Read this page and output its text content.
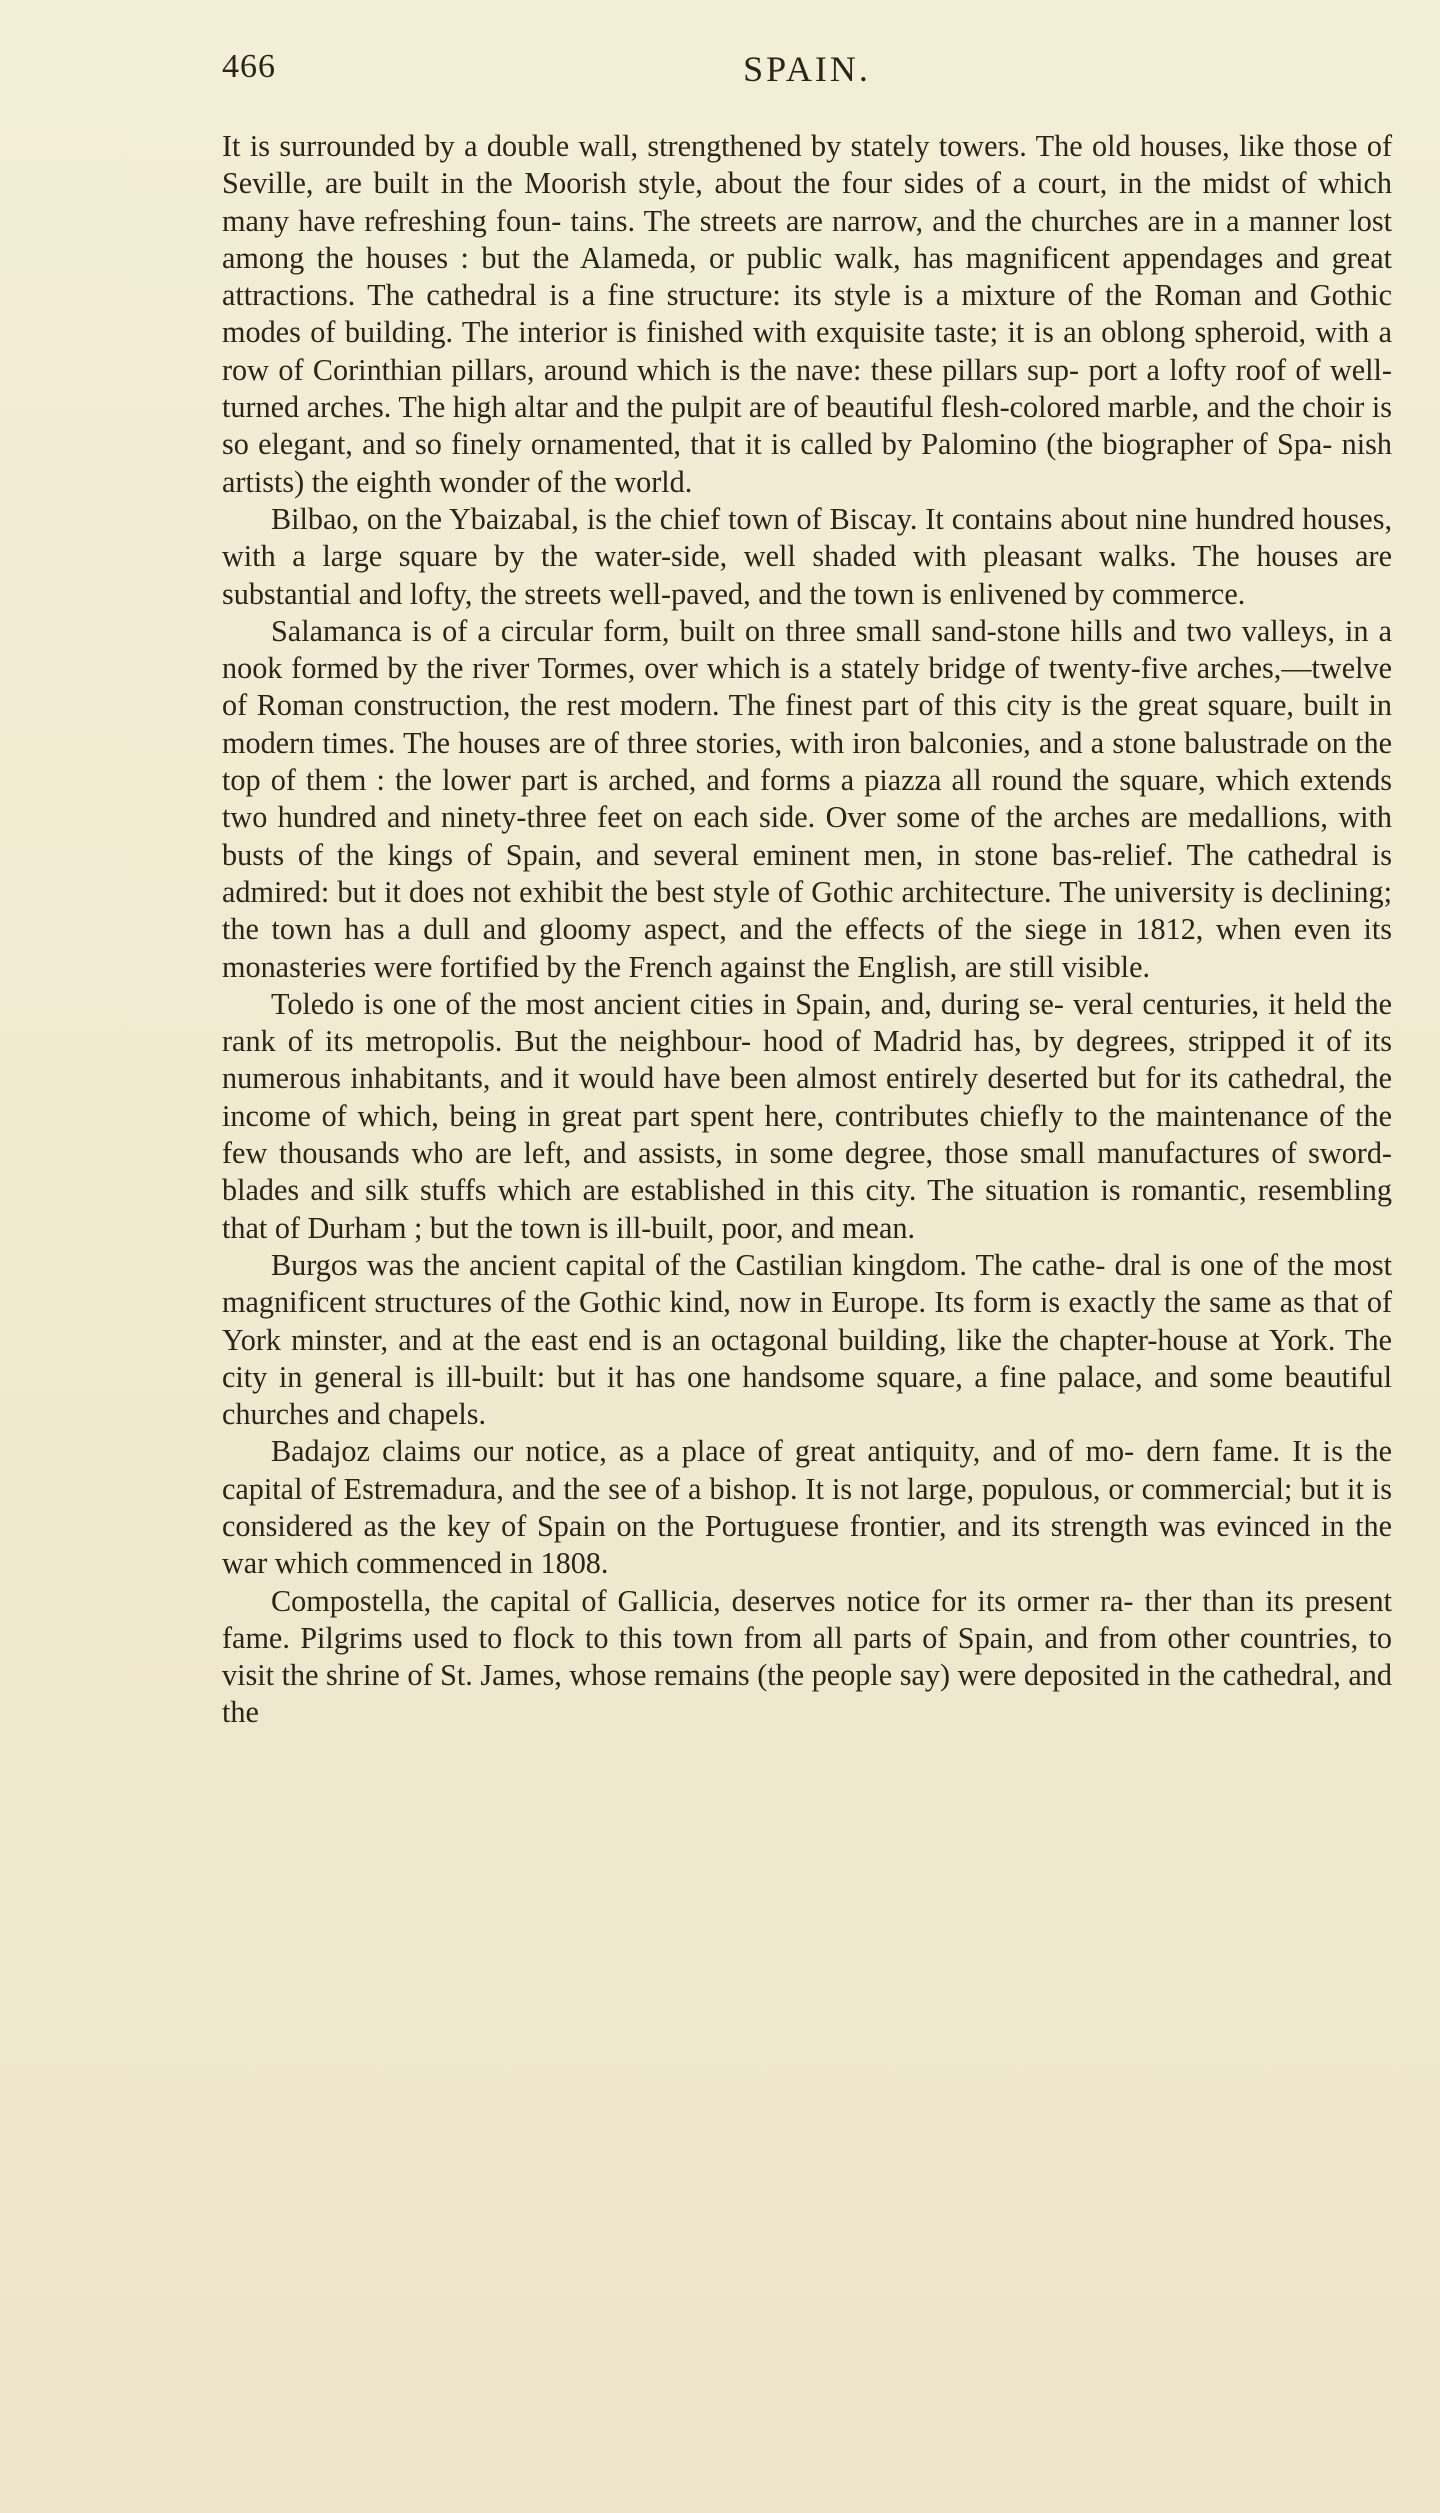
466	SPAIN.

It is surrounded by a double wall, strengthened by stately towers. The old houses, like those of Seville, are built in the Moorish style, about the four sides of a court, in the midst of which many have refreshing foun- tains. The streets are narrow, and the churches are in a manner lost among the houses : but the Alameda, or public walk, has magnificent appendages and great attractions. The cathedral is a fine structure: its style is a mixture of the Roman and Gothic modes of building. The interior is finished with exquisite taste; it is an oblong spheroid, with a row of Corinthian pillars, around which is the nave: these pillars sup- port a lofty roof of well-turned arches. The high altar and the pulpit are of beautiful flesh-colored marble, and the choir is so elegant, and so finely ornamented, that it is called by Palomino (the biographer of Spa- nish artists) the eighth wonder of the world.

Bilbao, on the Ybaizabal, is the chief town of Biscay. It contains about nine hundred houses, with a large square by the water-side, well shaded with pleasant walks. The houses are substantial and lofty, the streets well-paved, and the town is enlivened by commerce.

Salamanca is of a circular form, built on three small sand-stone hills and two valleys, in a nook formed by the river Tormes, over which is a stately bridge of twenty-five arches,—twelve of Roman construction, the rest modern. The finest part of this city is the great square, built in modern times. The houses are of three stories, with iron balconies, and a stone balustrade on the top of them : the lower part is arched, and forms a piazza all round the square, which extends two hundred and ninety-three feet on each side. Over some of the arches are medallions, with busts of the kings of Spain, and several eminent men, in stone bas-relief. The cathedral is admired: but it does not exhibit the best style of Gothic architecture. The university is declining; the town has a dull and gloomy aspect, and the effects of the siege in 1812, when even its monasteries were fortified by the French against the English, are still visible.

Toledo is one of the most ancient cities in Spain, and, during se- veral centuries, it held the rank of its metropolis. But the neighbour- hood of Madrid has, by degrees, stripped it of its numerous inhabitants, and it would have been almost entirely deserted but for its cathedral, the income of which, being in great part spent here, contributes chiefly to the maintenance of the few thousands who are left, and assists, in some degree, those small manufactures of sword-blades and silk stuffs which are established in this city. The situation is romantic, resembling that of Durham ; but the town is ill-built, poor, and mean.

Burgos was the ancient capital of the Castilian kingdom. The cathe- dral is one of the most magnificent structures of the Gothic kind, now in Europe. Its form is exactly the same as that of York minster, and at the east end is an octagonal building, like the chapter-house at York. The city in general is ill-built: but it has one handsome square, a fine palace, and some beautiful churches and chapels.

Badajoz claims our notice, as a place of great antiquity, and of mo- dern fame. It is the capital of Estremadura, and the see of a bishop. It is not large, populous, or commercial; but it is considered as the key of Spain on the Portuguese frontier, and its strength was evinced in the war which commenced in 1808.

Compostella, the capital of Gallicia, deserves notice for its ormer ra- ther than its present fame. Pilgrims used to flock to this town from all parts of Spain, and from other countries, to visit the shrine of St. James, whose remains (the people say) were deposited in the cathedral, and the
